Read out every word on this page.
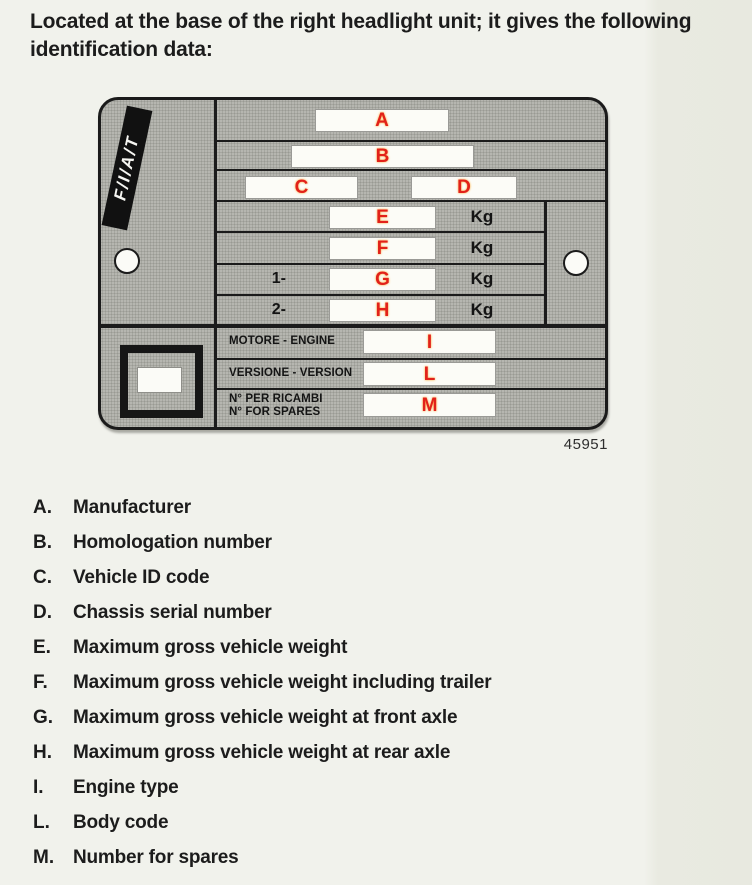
Located at the base of the right headlight unit; it gives the following identification data:
F/I/A/T
A
B
C	D
E	Kg
F	Kg
1-	G	Kg
2-	H	Kg
MOTORE - ENGINE	I
VERSIONE - VERSION	L
N° PER RICAMBI
N° FOR SPARES	M
45951
A.	Manufacturer
B.	Homologation number
C.	Vehicle ID code
D.	Chassis serial number
E.	Maximum gross vehicle weight
F.	Maximum gross vehicle weight including trailer
G.	Maximum gross vehicle weight at front axle
H.	Maximum gross vehicle weight at rear axle
I.	Engine type
L.	Body code
M. Number for spares
